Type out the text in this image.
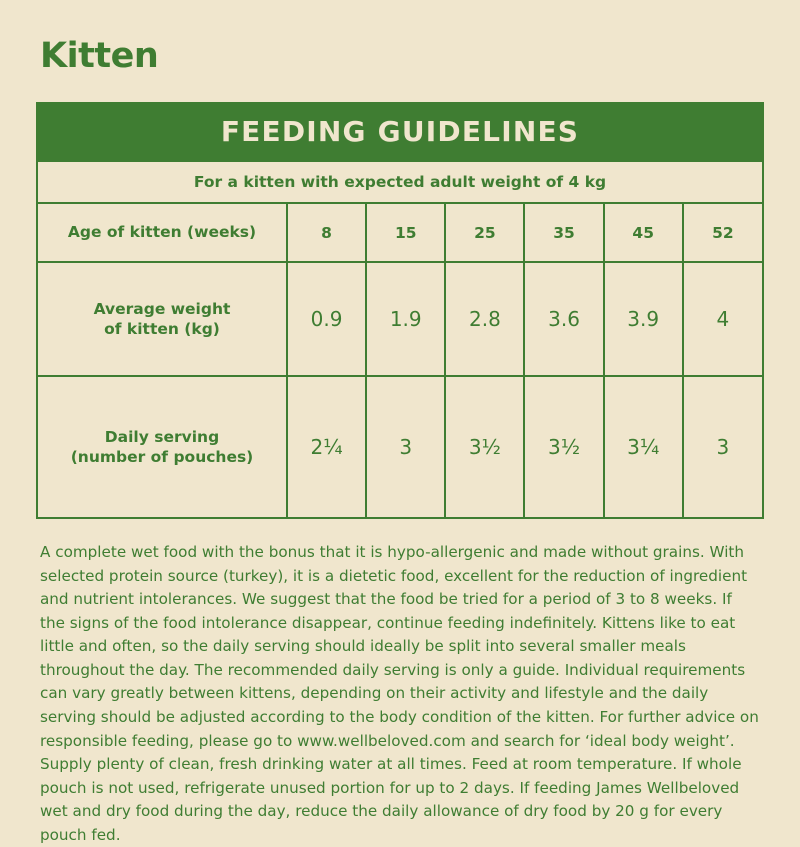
Kitten
FEEDING GUIDELINES
For a kitten with expected adult weight of 4 kg
Age of kitten (weeks)	8	15	25	35	45	52

Average weight
of kitten (kg)	0.9	1.9	2.8	3.6	3.9	4

Daily serving
(number of pouches)	2¼	3	3½	3½	3¼	3
A complete wet food with the bonus that it is hypo-allergenic and made without grains. With selected protein source (turkey), it is a dietetic food, excellent for the reduction of ingredient and nutrient intolerances. We suggest that the food be tried for a period of 3 to 8 weeks. If the signs of the food intolerance disappear, continue feeding indefinitely. Kittens like to eat little and often, so the daily serving should ideally be split into several smaller meals throughout the day. The recommended daily serving is only a guide. Individual requirements can vary greatly between kittens, depending on their activity and lifestyle and the daily serving should be adjusted according to the body condition of the kitten. For further advice on responsible feeding, please go to www.wellbeloved.com and search for ‘ideal body weight’. Supply plenty of clean, fresh drinking water at all times. Feed at room temperature. If whole pouch is not used, refrigerate unused portion for up to 2 days. If feeding James Wellbeloved wet and dry food during the day, reduce the daily allowance of dry food by 20 g for every pouch fed.
